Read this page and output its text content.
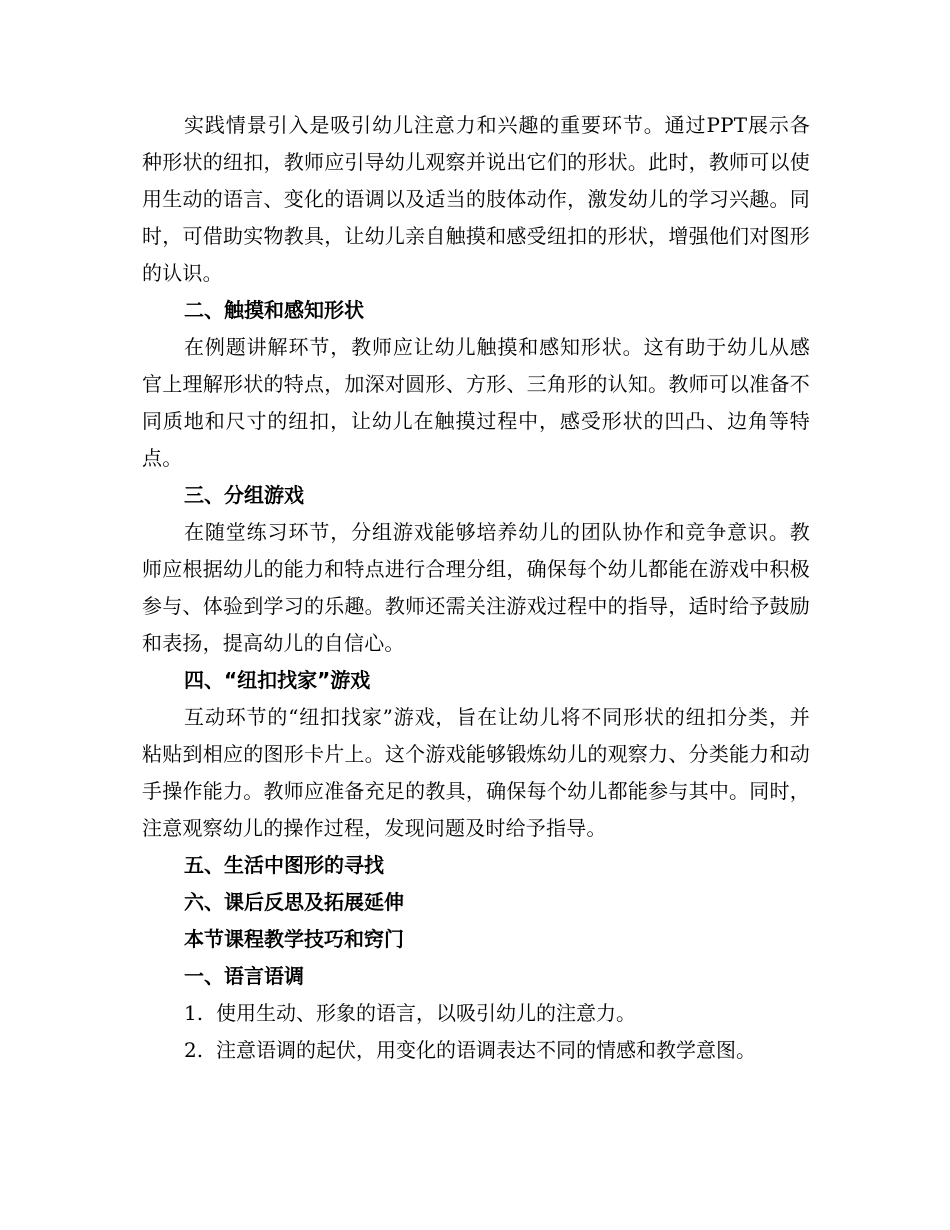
实践情景引入是吸引幼儿注意力和兴趣的重要环节。通过PPT展示各种形状的纽扣，教师应引导幼儿观察并说出它们的形状。此时，教师可以使用生动的语言、变化的语调以及适当的肢体动作，激发幼儿的学习兴趣。同时，可借助实物教具，让幼儿亲自触摸和感受纽扣的形状，增强他们对图形的认识。

二、触摸和感知形状

在例题讲解环节，教师应让幼儿触摸和感知形状。这有助于幼儿从感官上理解形状的特点，加深对圆形、方形、三角形的认知。教师可以准备不同质地和尺寸的纽扣，让幼儿在触摸过程中，感受形状的凹凸、边角等特点。

三、分组游戏

在随堂练习环节，分组游戏能够培养幼儿的团队协作和竞争意识。教师应根据幼儿的能力和特点进行合理分组，确保每个幼儿都能在游戏中积极参与、体验到学习的乐趣。教师还需关注游戏过程中的指导，适时给予鼓励和表扬，提高幼儿的自信心。

四、“纽扣找家”游戏

互动环节的“纽扣找家”游戏，旨在让幼儿将不同形状的纽扣分类，并粘贴到相应的图形卡片上。这个游戏能够锻炼幼儿的观察力、分类能力和动手操作能力。教师应准备充足的教具，确保每个幼儿都能参与其中。同时，注意观察幼儿的操作过程，发现问题及时给予指导。

五、生活中图形的寻找

六、课后反思及拓展延伸

本节课程教学技巧和窍门

一、语言语调

1. 使用生动、形象的语言，以吸引幼儿的注意力。

2. 注意语调的起伏，用变化的语调表达不同的情感和教学意图。
